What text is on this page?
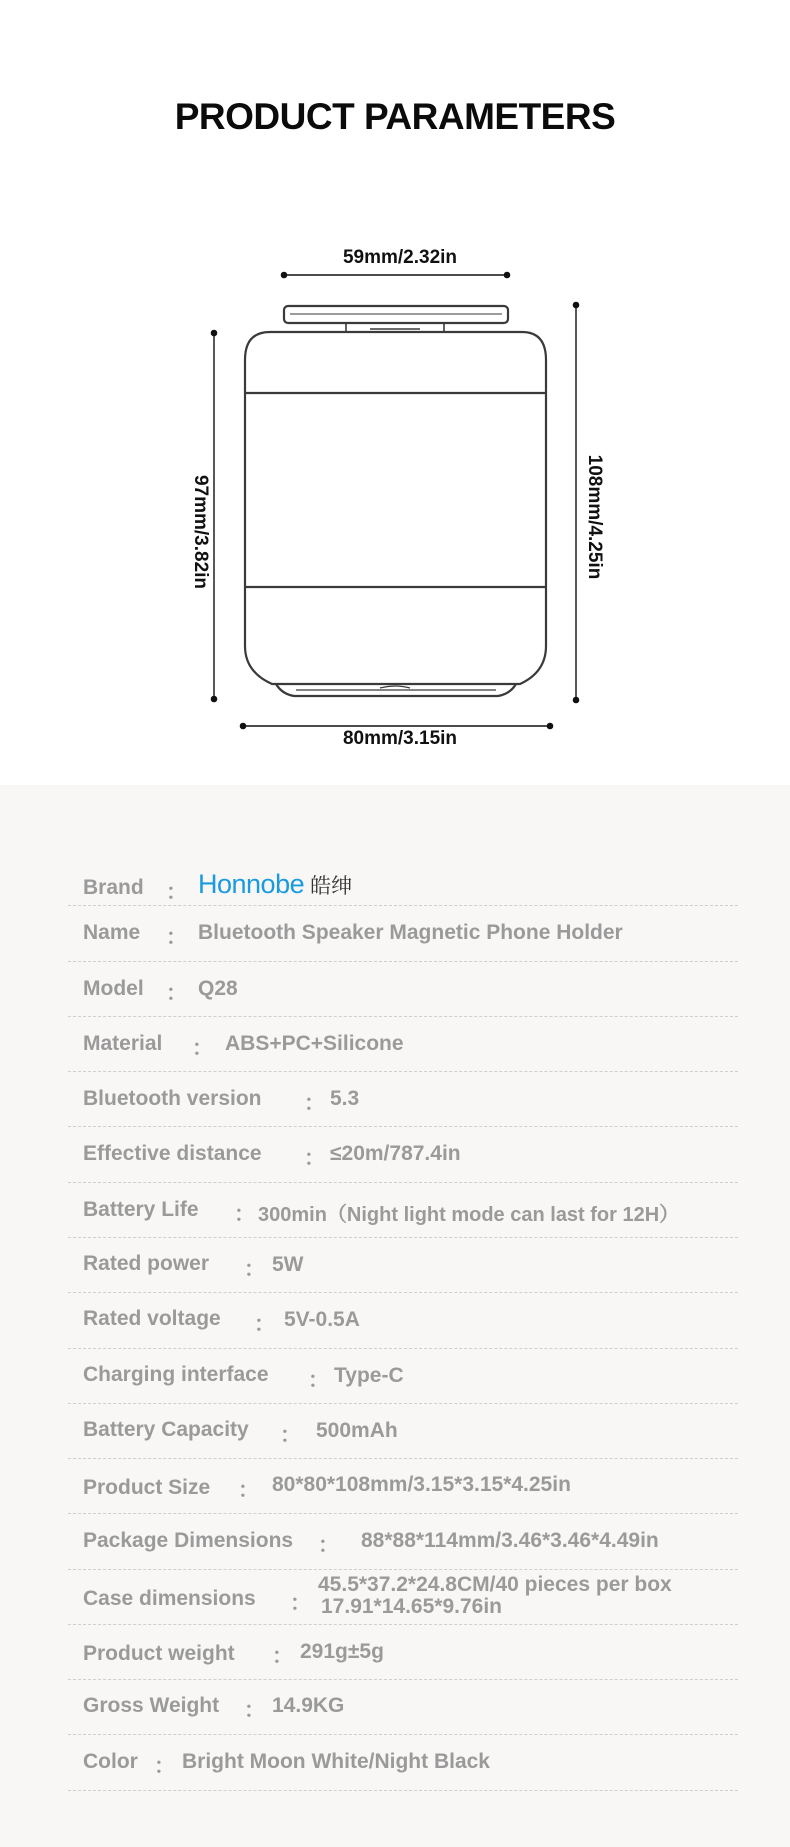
PRODUCT PARAMETERS
59mm/2.32in
80mm/3.15in
97mm/3.82in	108mm/4.25in
Brand ： Honnobe 皓绅
Name ： Bluetooth Speaker Magnetic Phone Holder
Model ： Q28
Material ： ABS+PC+Silicone
Bluetooth version ： 5.3
Effective distance ： ≤20m/787.4in
Battery Life ： 300min（Night light mode can last for 12H）
Rated power ： 5W
Rated voltage ： 5V-0.5A
Charging interface ： Type-C
Battery Capacity ： 500mAh
Product Size ： 80*80*108mm/3.15*3.15*4.25in
Package Dimensions ： 88*88*114mm/3.46*3.46*4.49in
Case dimensions ：
45.5*37.2*24.8CM/40 pieces per box
17.91*14.65*9.76in
Product weight ： 291g±5g
Gross Weight ： 14.9KG
Color ： Bright Moon White/Night Black
